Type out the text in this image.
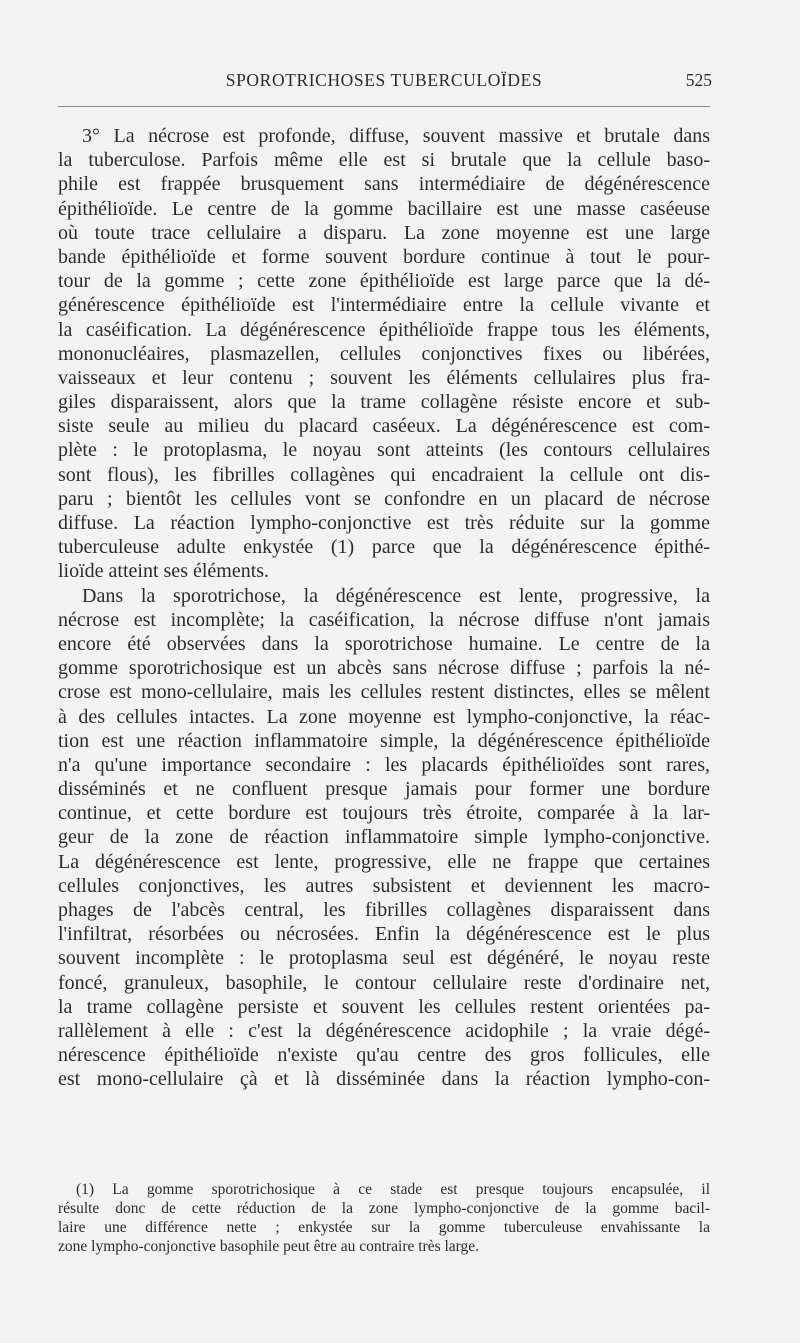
SPOROTRICHOSES TUBERCULOÏDES	525
3° La nécrose est profonde, diffuse, souvent massive et brutale dans
la tuberculose. Parfois même elle est si brutale que la cellule baso-
phile est frappée brusquement sans intermédiaire de dégénérescence
épithélioïde. Le centre de la gomme bacillaire est une masse caséeuse
où toute trace cellulaire a disparu. La zone moyenne est une large
bande épithélioïde et forme souvent bordure continue à tout le pour-
tour de la gomme ; cette zone épithélioïde est large parce que la dé-
générescence épithélioïde est l'intermédiaire entre la cellule vivante et
la caséification. La dégénérescence épithélioïde frappe tous les éléments,
mononucléaires, plasmazellen, cellules conjonctives fixes ou libérées,
vaisseaux et leur contenu ; souvent les éléments cellulaires plus fra-
giles disparaissent, alors que la trame collagène résiste encore et sub-
siste seule au milieu du placard caséeux. La dégénérescence est com-
plète : le protoplasma, le noyau sont atteints (les contours cellulaires
sont flous), les fibrilles collagènes qui encadraient la cellule ont dis-
paru ; bientôt les cellules vont se confondre en un placard de nécrose
diffuse. La réaction lympho-conjonctive est très réduite sur la gomme
tuberculeuse adulte enkystée (1) parce que la dégénérescence épithé-
lioïde atteint ses éléments.
Dans la sporotrichose, la dégénérescence est lente, progressive, la
nécrose est incomplète; la caséification, la nécrose diffuse n'ont jamais
encore été observées dans la sporotrichose humaine. Le centre de la
gomme sporotrichosique est un abcès sans nécrose diffuse ; parfois la né-
crose est mono-cellulaire, mais les cellules restent distinctes, elles se mêlent
à des cellules intactes. La zone moyenne est lympho-conjonctive, la réac-
tion est une réaction inflammatoire simple, la dégénérescence épithélioïde
n'a qu'une importance secondaire : les placards épithélioïdes sont rares,
disséminés et ne confluent presque jamais pour former une bordure
continue, et cette bordure est toujours très étroite, comparée à la lar-
geur de la zone de réaction inflammatoire simple lympho-conjonctive.
La dégénérescence est lente, progressive, elle ne frappe que certaines
cellules conjonctives, les autres subsistent et deviennent les macro-
phages de l'abcès central, les fibrilles collagènes disparaissent dans
l'infiltrat, résorbées ou nécrosées. Enfin la dégénérescence est le plus
souvent incomplète : le protoplasma seul est dégénéré, le noyau reste
foncé, granuleux, basophile, le contour cellulaire reste d'ordinaire net,
la trame collagène persiste et souvent les cellules restent orientées pa-
rallèlement à elle : c'est la dégénérescence acidophile ; la vraie dégé-
nérescence épithélioïde n'existe qu'au centre des gros follicules, elle
est mono-cellulaire çà et là disséminée dans la réaction lympho-con-
(1) La gomme sporotrichosique à ce stade est presque toujours encapsulée, il
résulte donc de cette réduction de la zone lympho-conjonctive de la gomme bacil-
laire une différence nette ; enkystée sur la gomme tuberculeuse envahissante la
zone lympho-conjonctive basophile peut être au contraire très large.
